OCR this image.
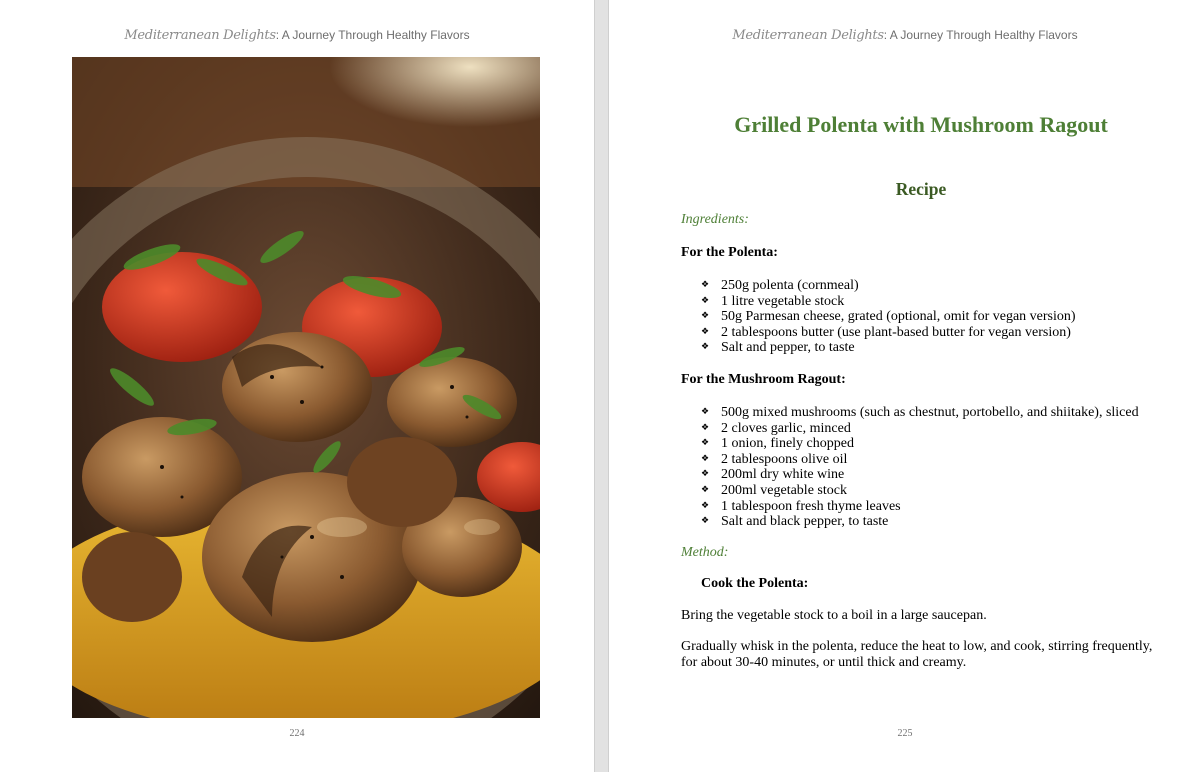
Mediterranean Delights: A Journey Through Healthy Flavors
224
Mediterranean Delights: A Journey Through Healthy Flavors
Grilled Polenta with Mushroom Ragout
Recipe
Ingredients:
For the Polenta:
❖ 250g polenta (cornmeal)
❖ 1 litre vegetable stock
❖ 50g Parmesan cheese, grated (optional, omit for vegan version)
❖ 2 tablespoons butter (use plant-based butter for vegan version)
❖ Salt and pepper, to taste
For the Mushroom Ragout:
❖ 500g mixed mushrooms (such as chestnut, portobello, and shiitake), sliced
❖ 2 cloves garlic, minced
❖ 1 onion, finely chopped
❖ 2 tablespoons olive oil
❖ 200ml dry white wine
❖ 200ml vegetable stock
❖ 1 tablespoon fresh thyme leaves
❖ Salt and black pepper, to taste
Method:
Cook the Polenta:
Bring the vegetable stock to a boil in a large saucepan.
Gradually whisk in the polenta, reduce the heat to low, and cook, stirring frequently, for about 30-40 minutes, or until thick and creamy.
225
